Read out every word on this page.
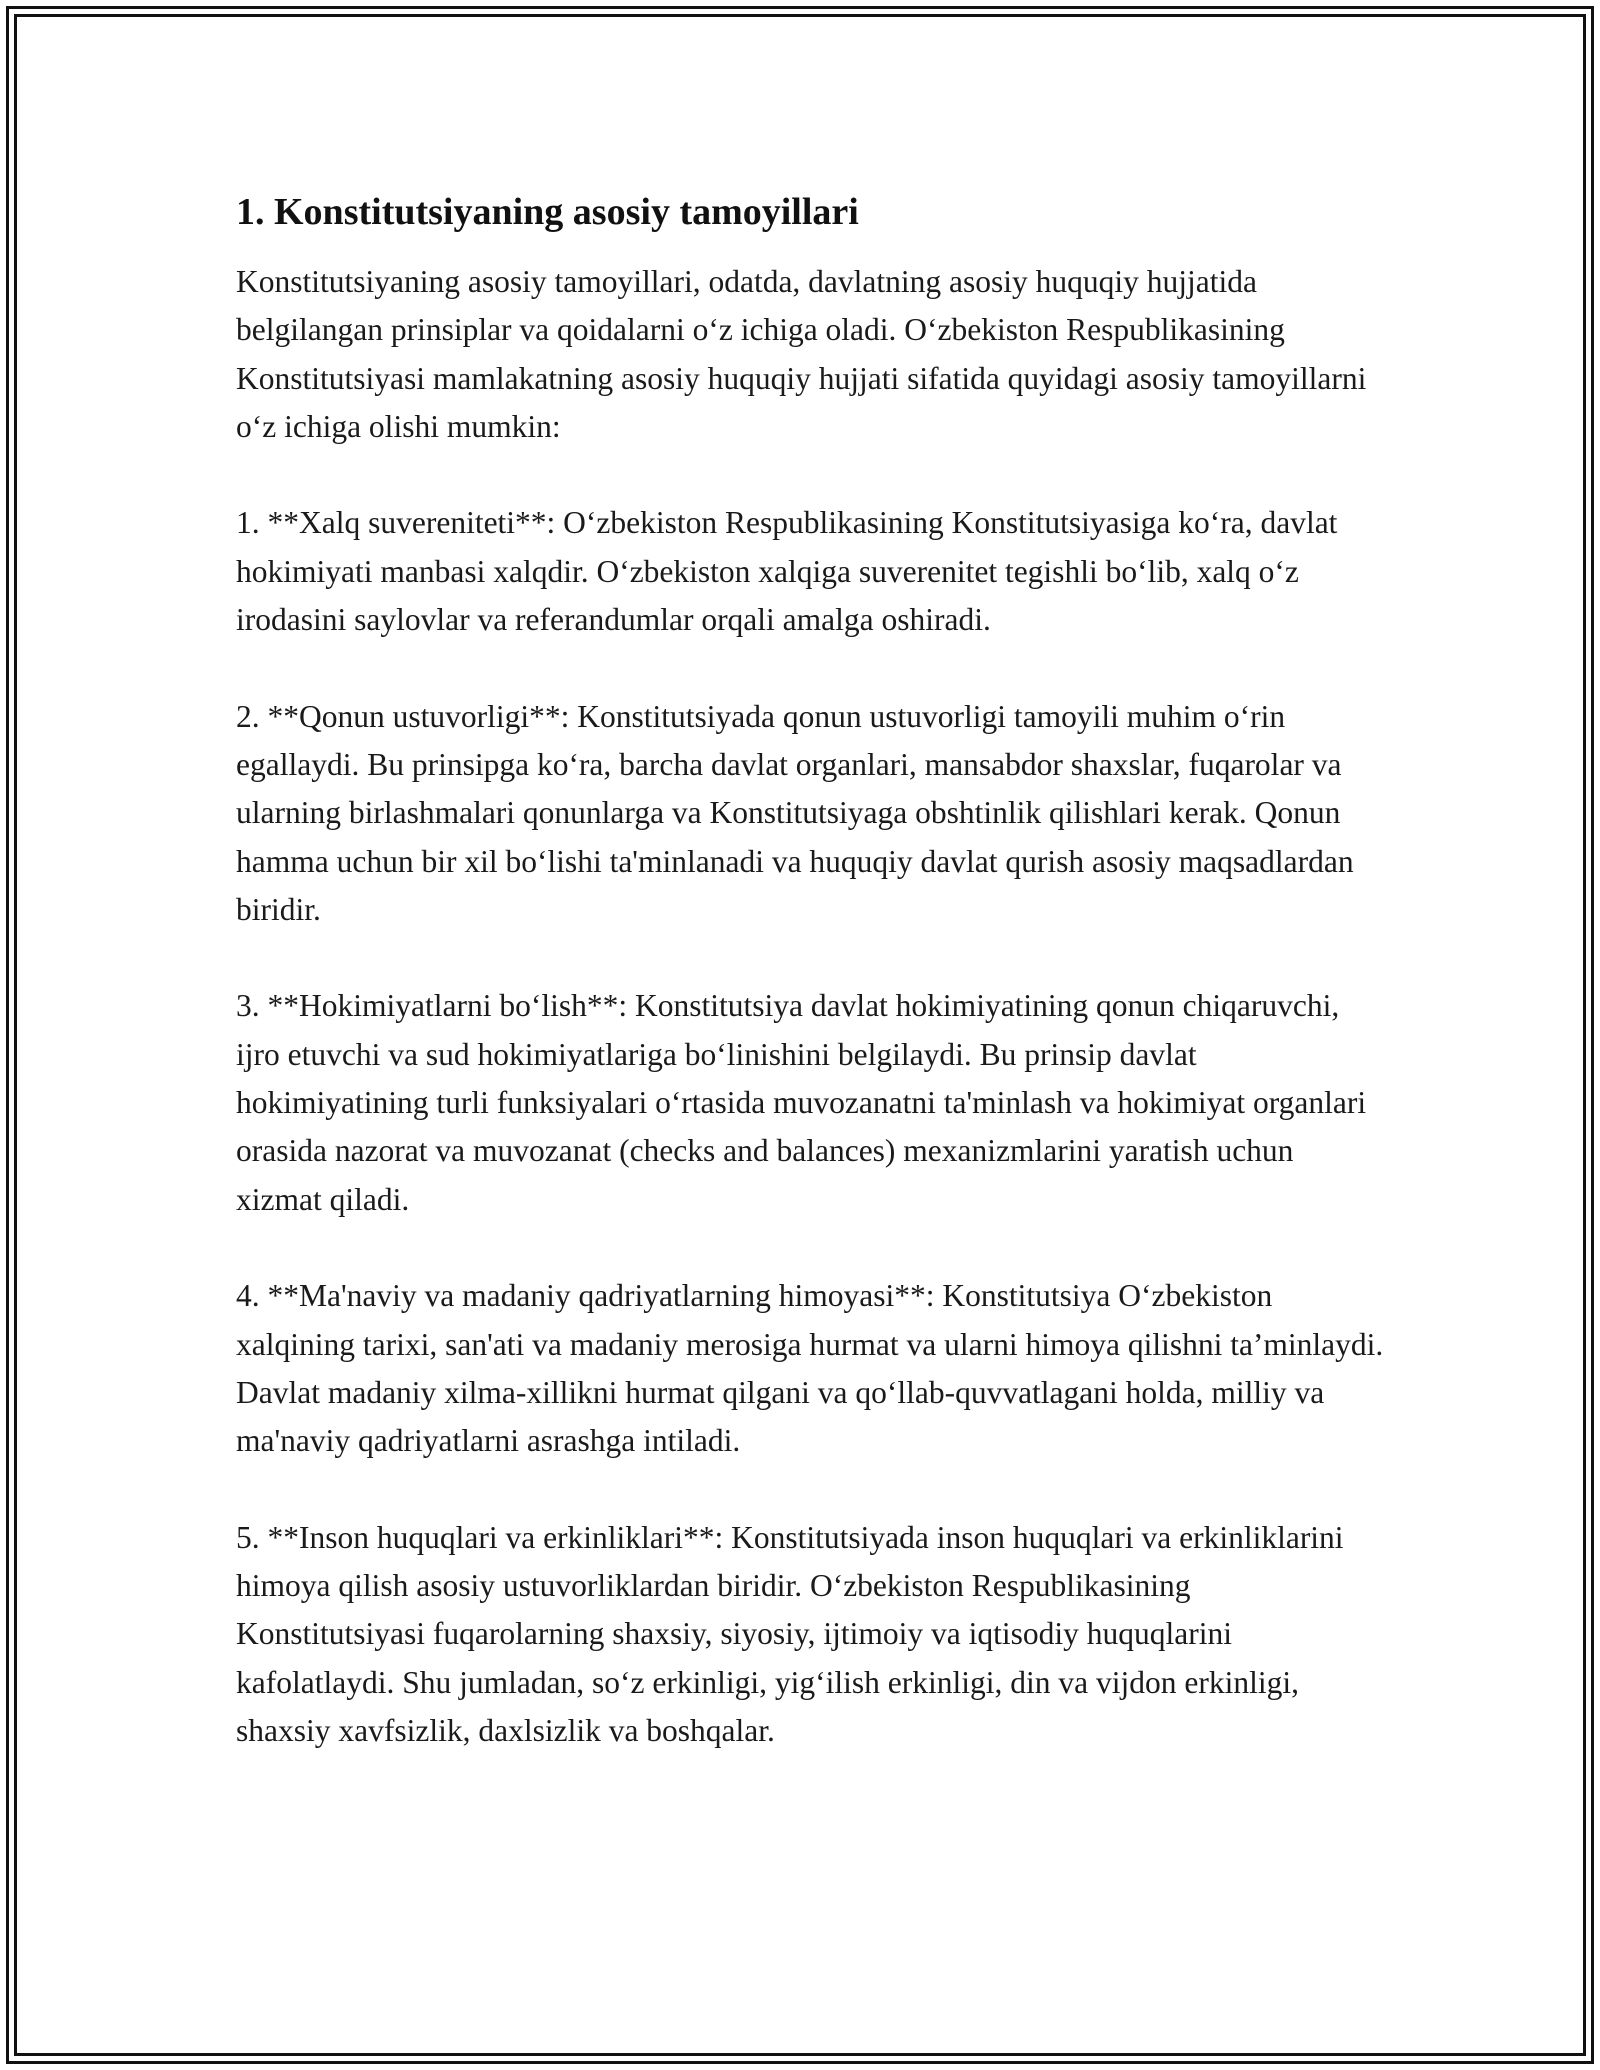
1. Konstitutsiyaning asosiy tamoyillari

Konstitutsiyaning asosiy tamoyillari, odatda, davlatning asosiy huquqiy hujjatida belgilangan prinsiplar va qoidalarni o‘z ichiga oladi. O‘zbekiston Respublikasining Konstitutsiyasi mamlakatning asosiy huquqiy hujjati sifatida quyidagi asosiy tamoyillarni o‘z ichiga olishi mumkin:

1. **Xalq suvereniteti**: O‘zbekiston Respublikasining Konstitutsiyasiga ko‘ra, davlat hokimiyati manbasi xalqdir. O‘zbekiston xalqiga suverenitet tegishli bo‘lib, xalq o‘z irodasini saylovlar va referandumlar orqali amalga oshiradi.

2. **Qonun ustuvorligi**: Konstitutsiyada qonun ustuvorligi tamoyili muhim o‘rin egallaydi. Bu prinsipga ko‘ra, barcha davlat organlari, mansabdor shaxslar, fuqarolar va ularning birlashmalari qonunlarga va Konstitutsiyaga obshtinlik qilishlari kerak. Qonun hamma uchun bir xil bo‘lishi ta'minlanadi va huquqiy davlat qurish asosiy maqsadlardan biridir.

3. **Hokimiyatlarni bo‘lish**: Konstitutsiya davlat hokimiyatining qonun chiqaruvchi, ijro etuvchi va sud hokimiyatlariga bo‘linishini belgilaydi. Bu prinsip davlat hokimiyatining turli funksiyalari o‘rtasida muvozanatni ta'minlash va hokimiyat organlari orasida nazorat va muvozanat (checks and balances) mexanizmlarini yaratish uchun xizmat qiladi.

4. **Ma'naviy va madaniy qadriyatlarning himoyasi**: Konstitutsiya O‘zbekiston xalqining tarixi, san'ati va madaniy merosiga hurmat va ularni himoya qilishni ta’minlaydi. Davlat madaniy xilma-xillikni hurmat qilgani va qo‘llab-quvvatlagani holda, milliy va ma'naviy qadriyatlarni asrashga intiladi.

5. **Inson huquqlari va erkinliklari**: Konstitutsiyada inson huquqlari va erkinliklarini himoya qilish asosiy ustuvorliklardan biridir. O‘zbekiston Respublikasining Konstitutsiyasi fuqarolarning shaxsiy, siyosiy, ijtimoiy va iqtisodiy huquqlarini kafolatlaydi. Shu jumladan, so‘z erkinligi, yig‘ilish erkinligi, din va vijdon erkinligi, shaxsiy xavfsizlik, daxlsizlik va boshqalar.
